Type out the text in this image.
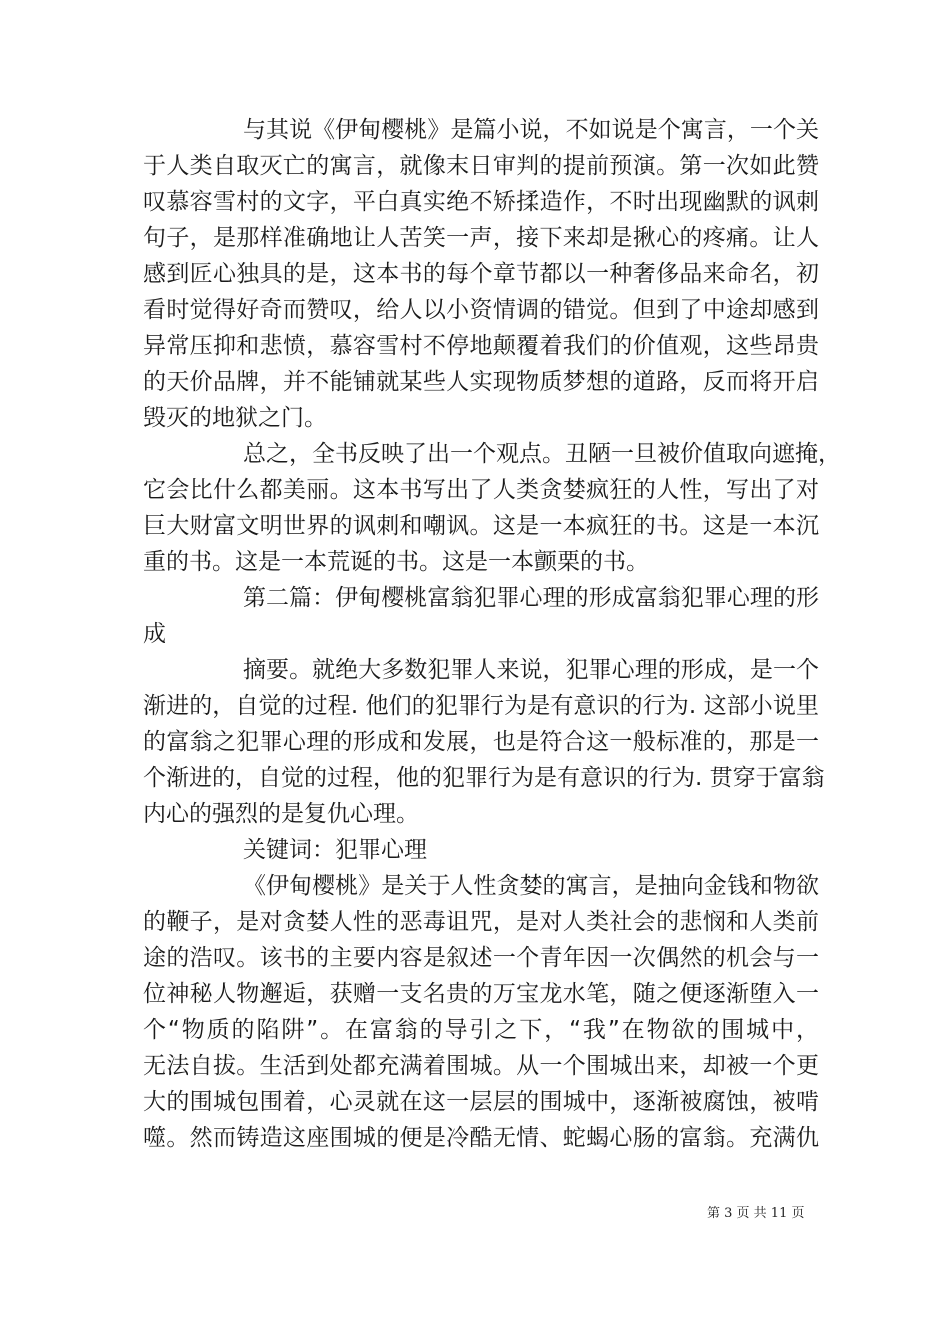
与其说《伊甸樱桃》是篇小说，不如说是个寓言，一个关
于人类自取灭亡的寓言，就像末日审判的提前预演。第一次如此赞
叹慕容雪村的文字，平白真实绝不矫揉造作，不时出现幽默的讽刺
句子，是那样准确地让人苦笑一声，接下来却是揪心的疼痛。让人
感到匠心独具的是，这本书的每个章节都以一种奢侈品来命名，初
看时觉得好奇而赞叹，给人以小资情调的错觉。但到了中途却感到
异常压抑和悲愤，慕容雪村不停地颠覆着我们的价值观，这些昂贵
的天价品牌，并不能铺就某些人实现物质梦想的道路，反而将开启
毁灭的地狱之门。
总之，全书反映了出一个观点。丑陋一旦被价值取向遮掩，
它会比什么都美丽。这本书写出了人类贪婪疯狂的人性，写出了对
巨大财富文明世界的讽刺和嘲讽。这是一本疯狂的书。这是一本沉
重的书。这是一本荒诞的书。这是一本颤栗的书。
第二篇：伊甸樱桃富翁犯罪心理的形成富翁犯罪心理的形
成
摘要。就绝大多数犯罪人来说，犯罪心理的形成，是一个
渐进的，自觉的过程. 他们的犯罪行为是有意识的行为. 这部小说里
的富翁之犯罪心理的形成和发展，也是符合这一般标准的，那是一
个渐进的，自觉的过程，他的犯罪行为是有意识的行为. 贯穿于富翁
内心的强烈的是复仇心理。
关键词：犯罪心理
《伊甸樱桃》是关于人性贪婪的寓言，是抽向金钱和物欲
的鞭子，是对贪婪人性的恶毒诅咒，是对人类社会的悲悯和人类前
途的浩叹。该书的主要内容是叙述一个青年因一次偶然的机会与一
位神秘人物邂逅，获赠一支名贵的万宝龙水笔，随之便逐渐堕入一
个“物质的陷阱”。在富翁的导引之下，“我”在物欲的围城中，
无法自拔。生活到处都充满着围城。从一个围城出来，却被一个更
大的围城包围着，心灵就在这一层层的围城中，逐渐被腐蚀，被啃
噬。然而铸造这座围城的便是冷酷无情、蛇蝎心肠的富翁。充满仇
第 3 页 共 11 页
